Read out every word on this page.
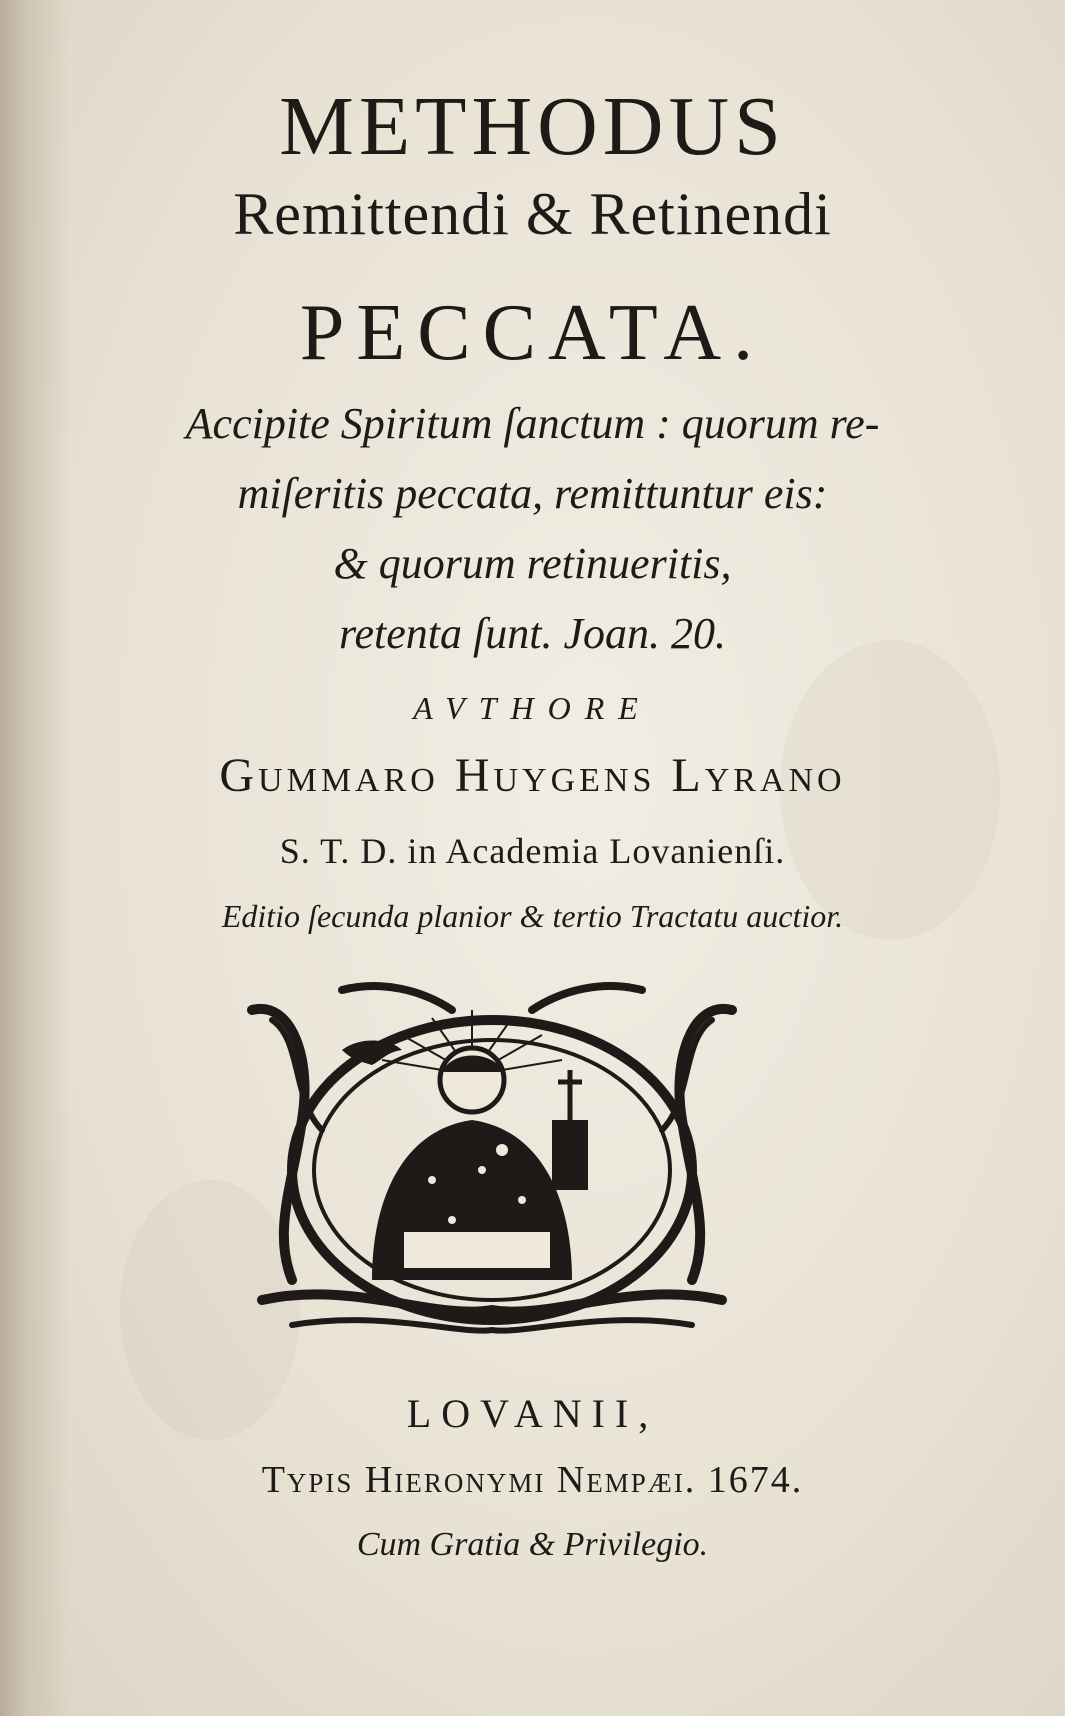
METHODUS
Remittendi & Retinendi
PECCATA.
Accipite Spiritum ſanctum : quorum re-
miſeritis peccata, remittuntur eis:
& quorum retinueritis,
retenta ſunt. Joan. 20.
AVTHORE
Gummaro Huygens Lyrano
S. T. D. in Academia Lovanienſi.
Editio ſecunda planior & tertio Tractatu auctior.
LOVANII,
Typis Hieronymi Nempæi. 1674.
Cum Gratia & Privilegio.
